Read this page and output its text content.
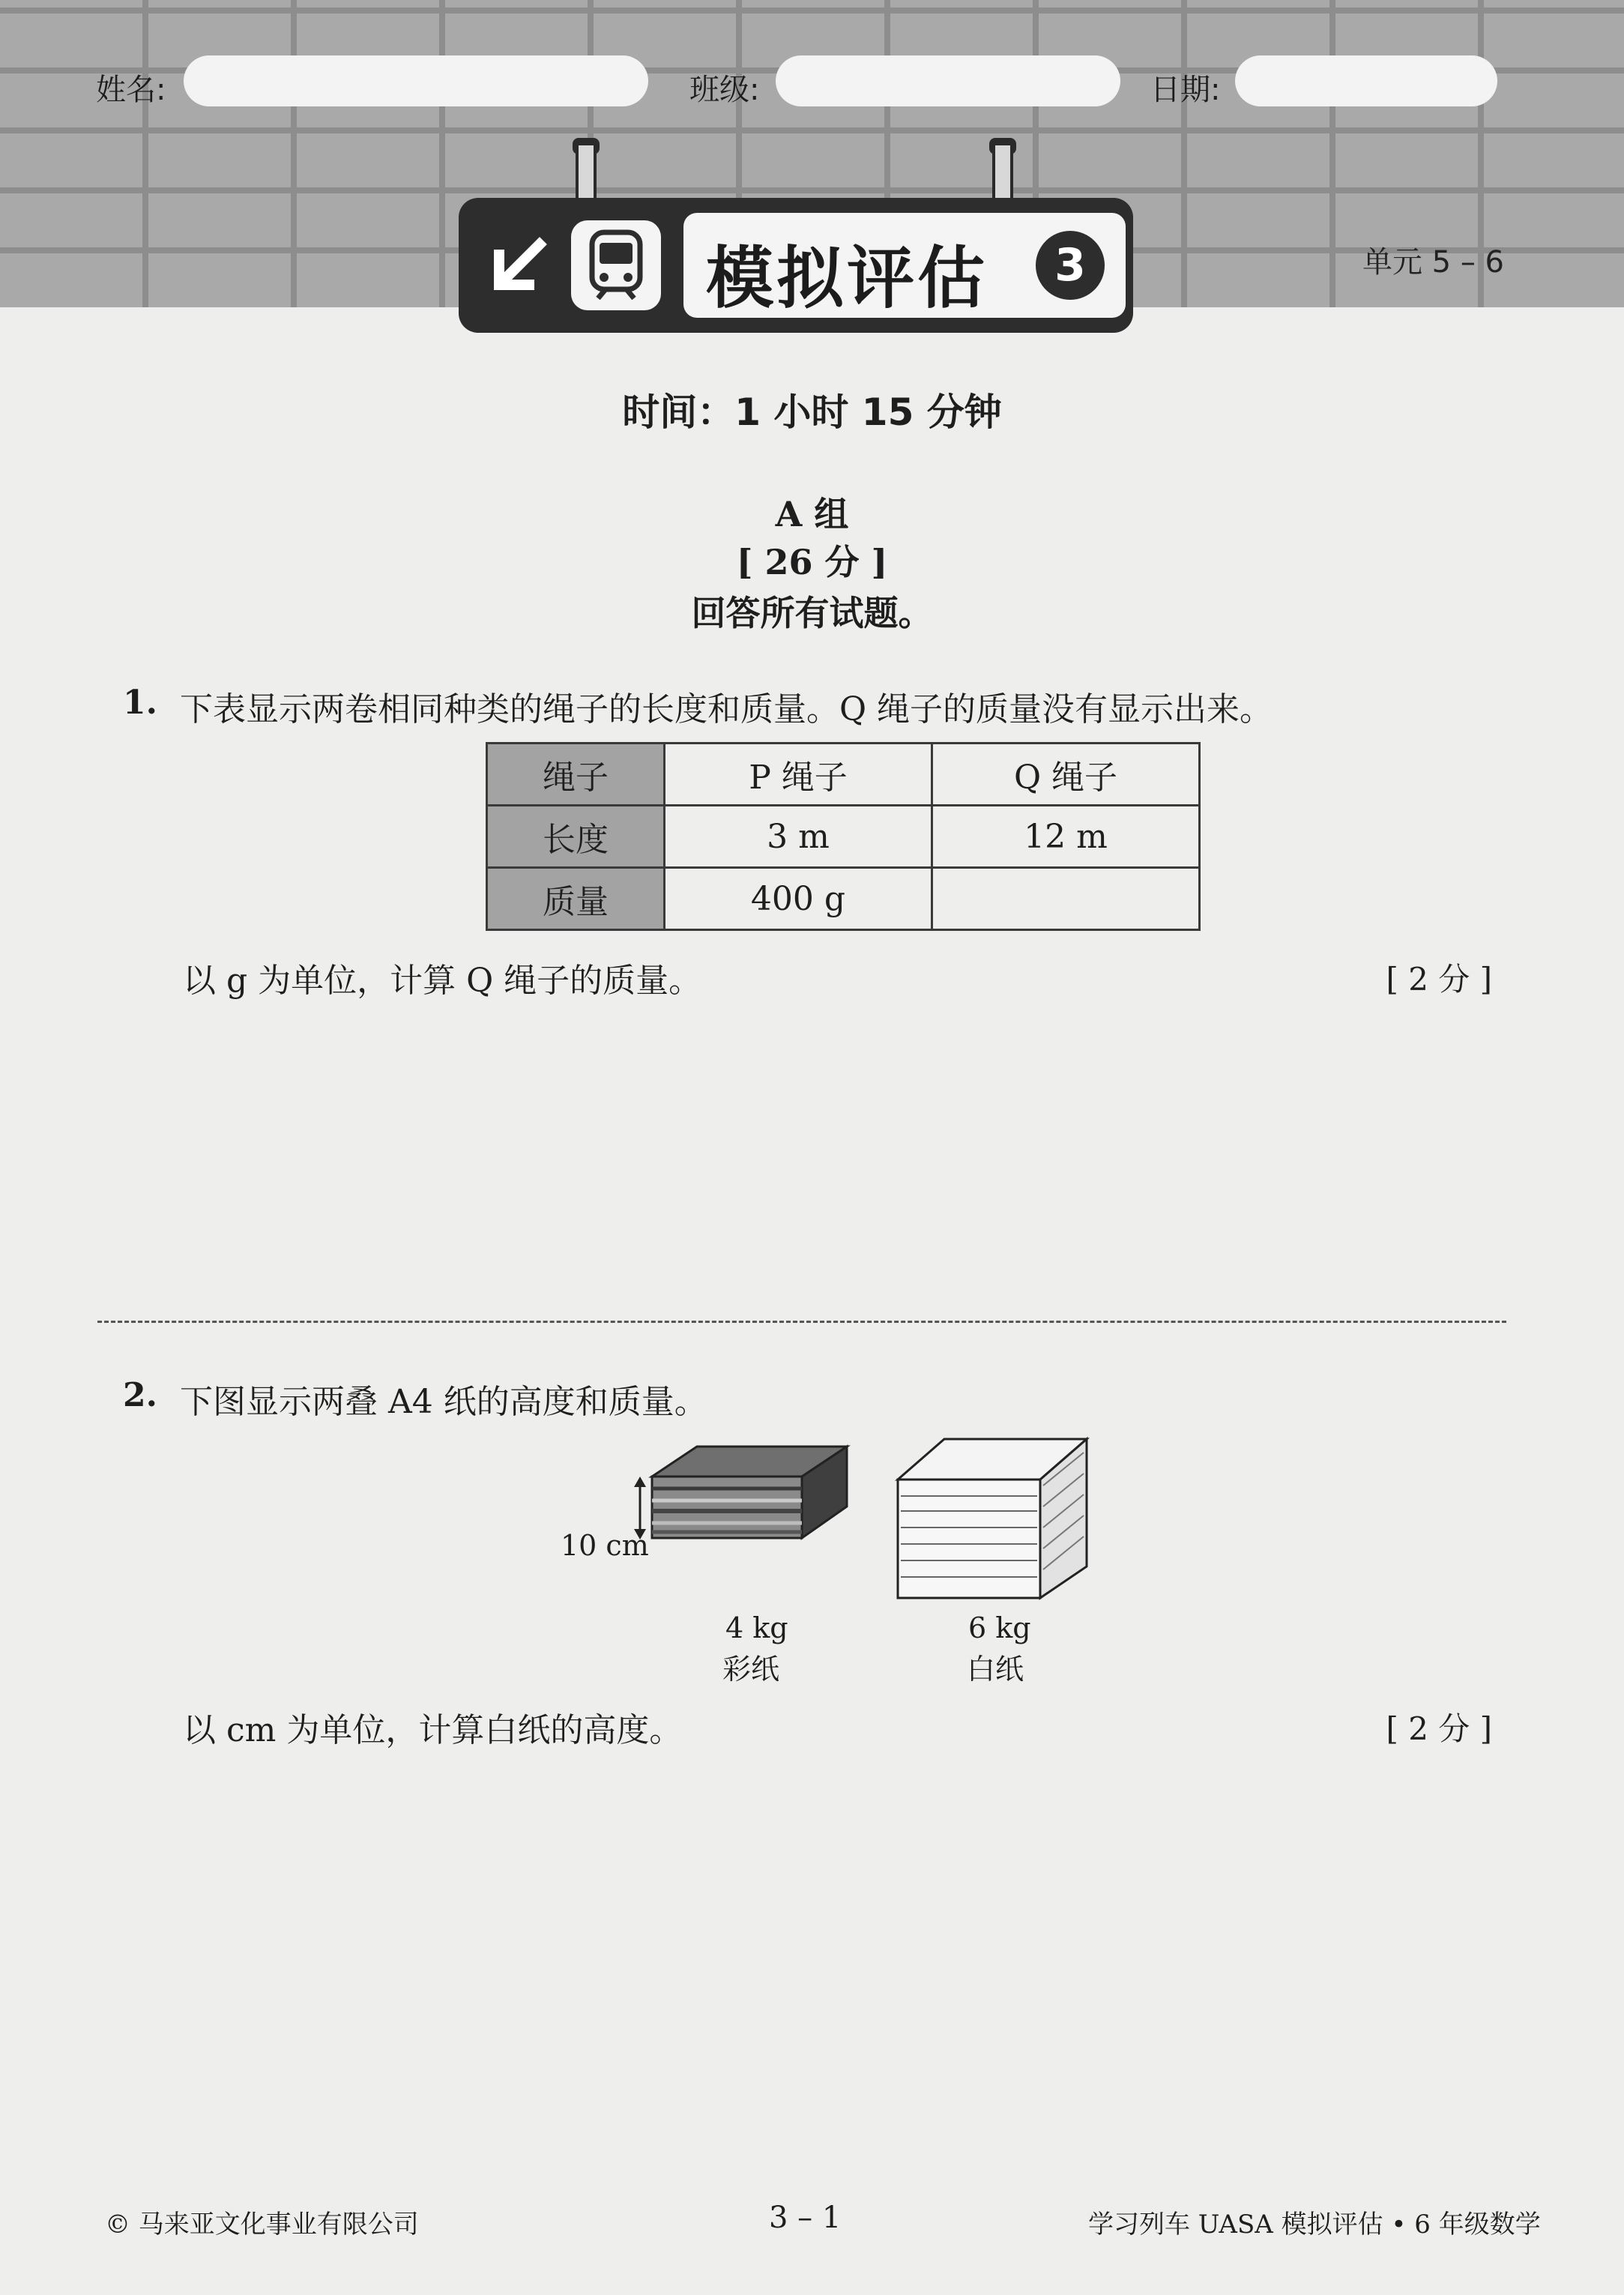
姓名:	班级:	日期:
模拟评估	3	单元 5 – 6
时间：1 小时 15 分钟
A 组
[ 26 分 ]
回答所有试题。
1. 下表显示两卷相同种类的绳子的长度和质量。Q 绳子的质量没有显示出来。
绳子	P 绳子	Q 绳子
长度	3 m	12 m
质量	400 g	
以 g 为单位，计算 Q 绳子的质量。	[ 2 分 ]
2. 下图显示两叠 A4 纸的高度和质量。
10 cm
4 kg
彩纸
6 kg
白纸
以 cm 为单位，计算白纸的高度。	[ 2 分 ]
© 马来亚文化事业有限公司	3 – 1	学习列车 UASA 模拟评估 • 6 年级数学
